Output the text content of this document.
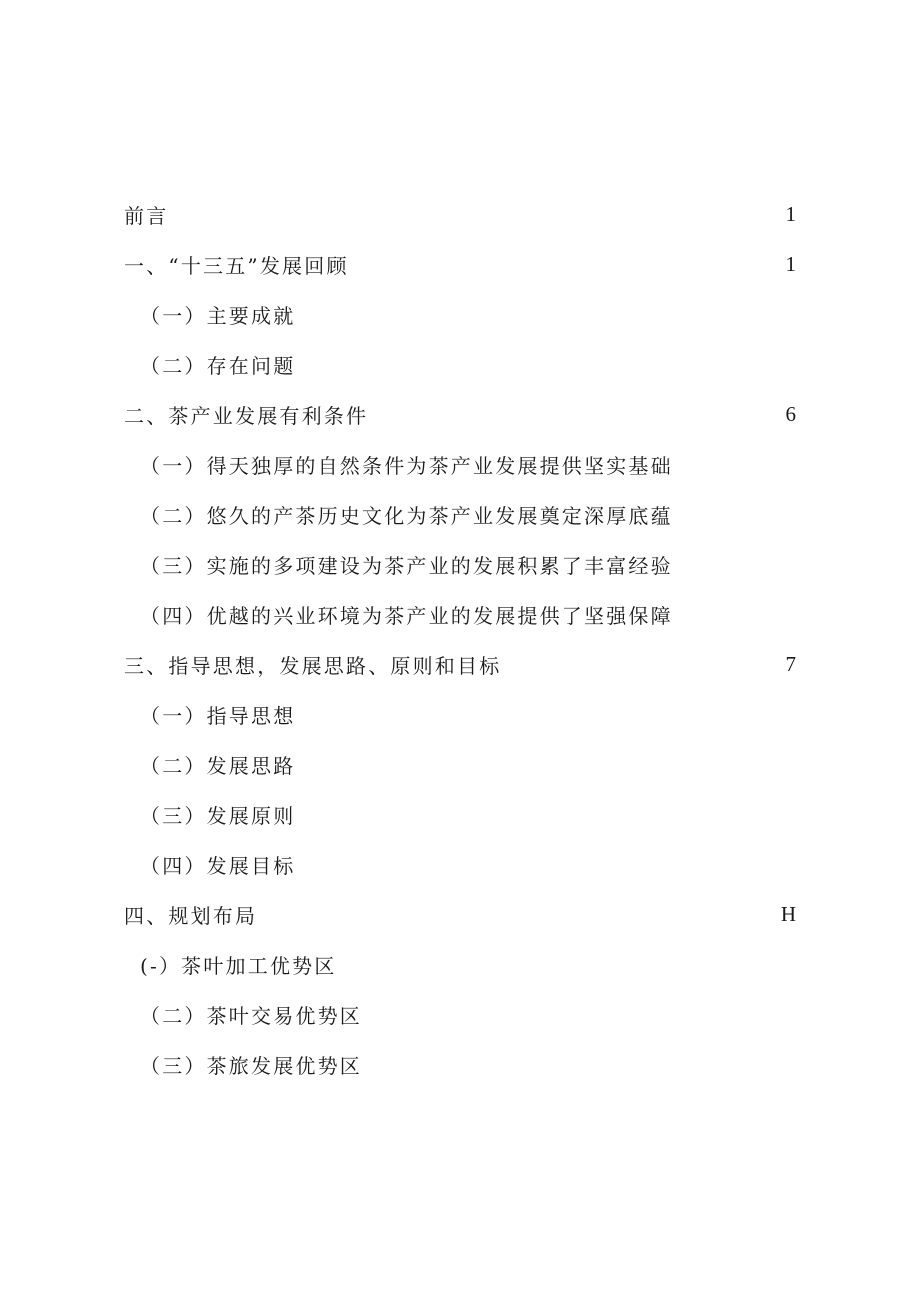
前言	1
一、“十三五”发展回顾	1
（一）主要成就
（二）存在问题
二、茶产业发展有利条件	6
（一）得天独厚的自然条件为茶产业发展提供坚实基础
（二）悠久的产茶历史文化为茶产业发展奠定深厚底蕴
（三）实施的多项建设为茶产业的发展积累了丰富经验
（四）优越的兴业环境为茶产业的发展提供了坚强保障
三、指导思想，发展思路、原则和目标	7
（一）指导思想
（二）发展思路
（三）发展原则
（四）发展目标
四、规划布局	H
(-）茶叶加工优势区
（二）茶叶交易优势区
（三）茶旅发展优势区
